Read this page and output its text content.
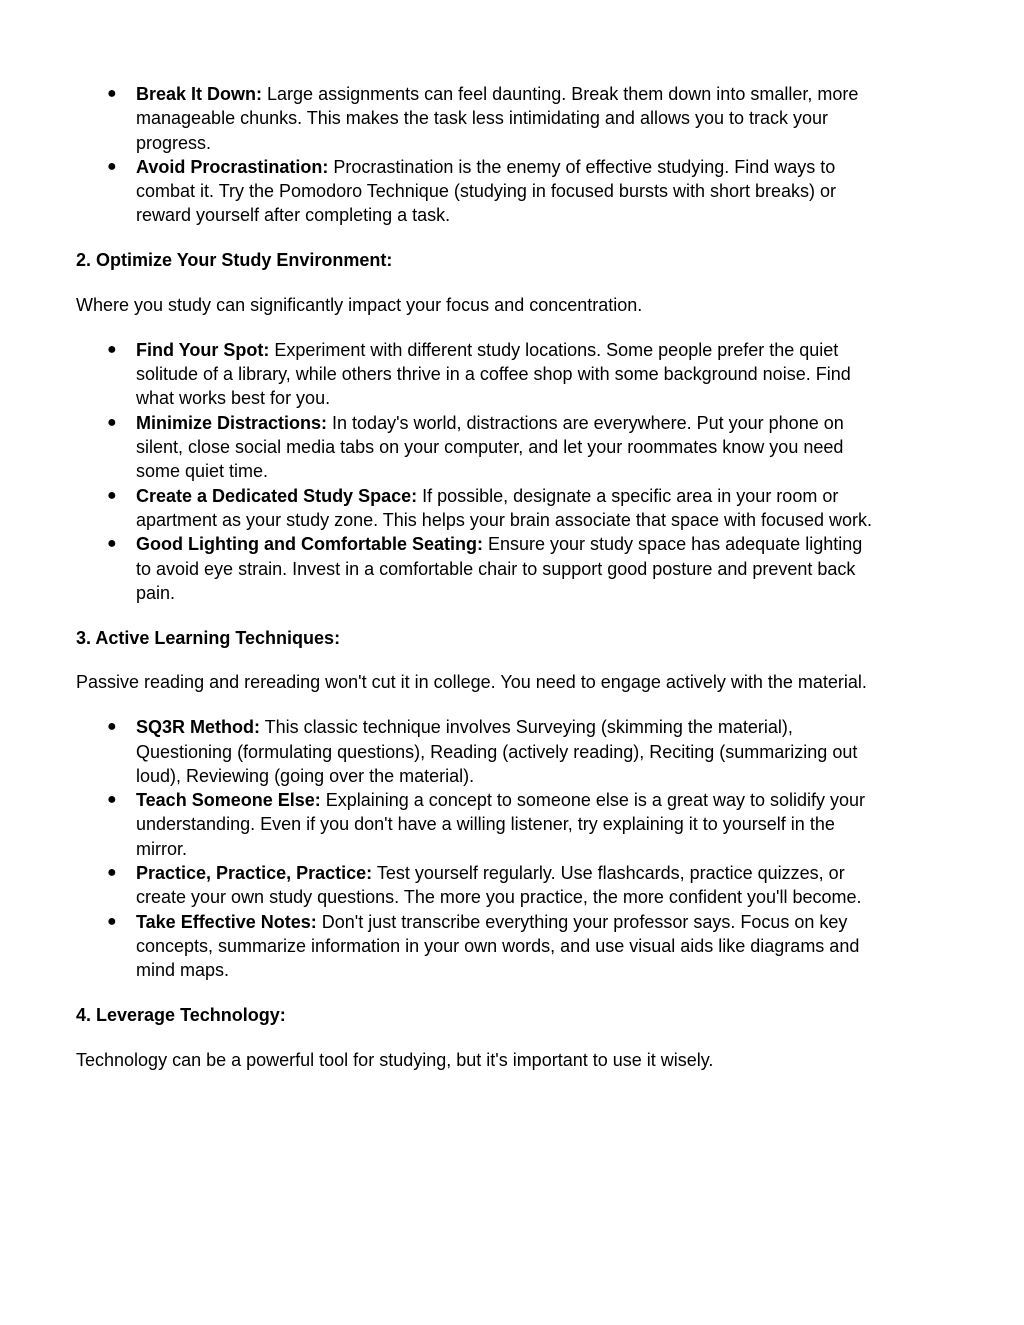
● Break It Down: Large assignments can feel daunting. Break them down into smaller, more manageable chunks. This makes the task less intimidating and allows you to track your progress.
● Avoid Procrastination: Procrastination is the enemy of effective studying. Find ways to combat it. Try the Pomodoro Technique (studying in focused bursts with short breaks) or reward yourself after completing a task.

2. Optimize Your Study Environment:

Where you study can significantly impact your focus and concentration.

● Find Your Spot: Experiment with different study locations. Some people prefer the quiet solitude of a library, while others thrive in a coffee shop with some background noise. Find what works best for you.
● Minimize Distractions: In today's world, distractions are everywhere. Put your phone on silent, close social media tabs on your computer, and let your roommates know you need some quiet time.
● Create a Dedicated Study Space: If possible, designate a specific area in your room or apartment as your study zone. This helps your brain associate that space with focused work.
● Good Lighting and Comfortable Seating: Ensure your study space has adequate lighting to avoid eye strain. Invest in a comfortable chair to support good posture and prevent back pain.

3. Active Learning Techniques:

Passive reading and rereading won't cut it in college. You need to engage actively with the material.

● SQ3R Method: This classic technique involves Surveying (skimming the material), Questioning (formulating questions), Reading (actively reading), Reciting (summarizing out loud), Reviewing (going over the material).
● Teach Someone Else: Explaining a concept to someone else is a great way to solidify your understanding. Even if you don't have a willing listener, try explaining it to yourself in the mirror.
● Practice, Practice, Practice: Test yourself regularly. Use flashcards, practice quizzes, or create your own study questions. The more you practice, the more confident you'll become.
● Take Effective Notes: Don't just transcribe everything your professor says. Focus on key concepts, summarize information in your own words, and use visual aids like diagrams and mind maps.

4. Leverage Technology:

Technology can be a powerful tool for studying, but it's important to use it wisely.
